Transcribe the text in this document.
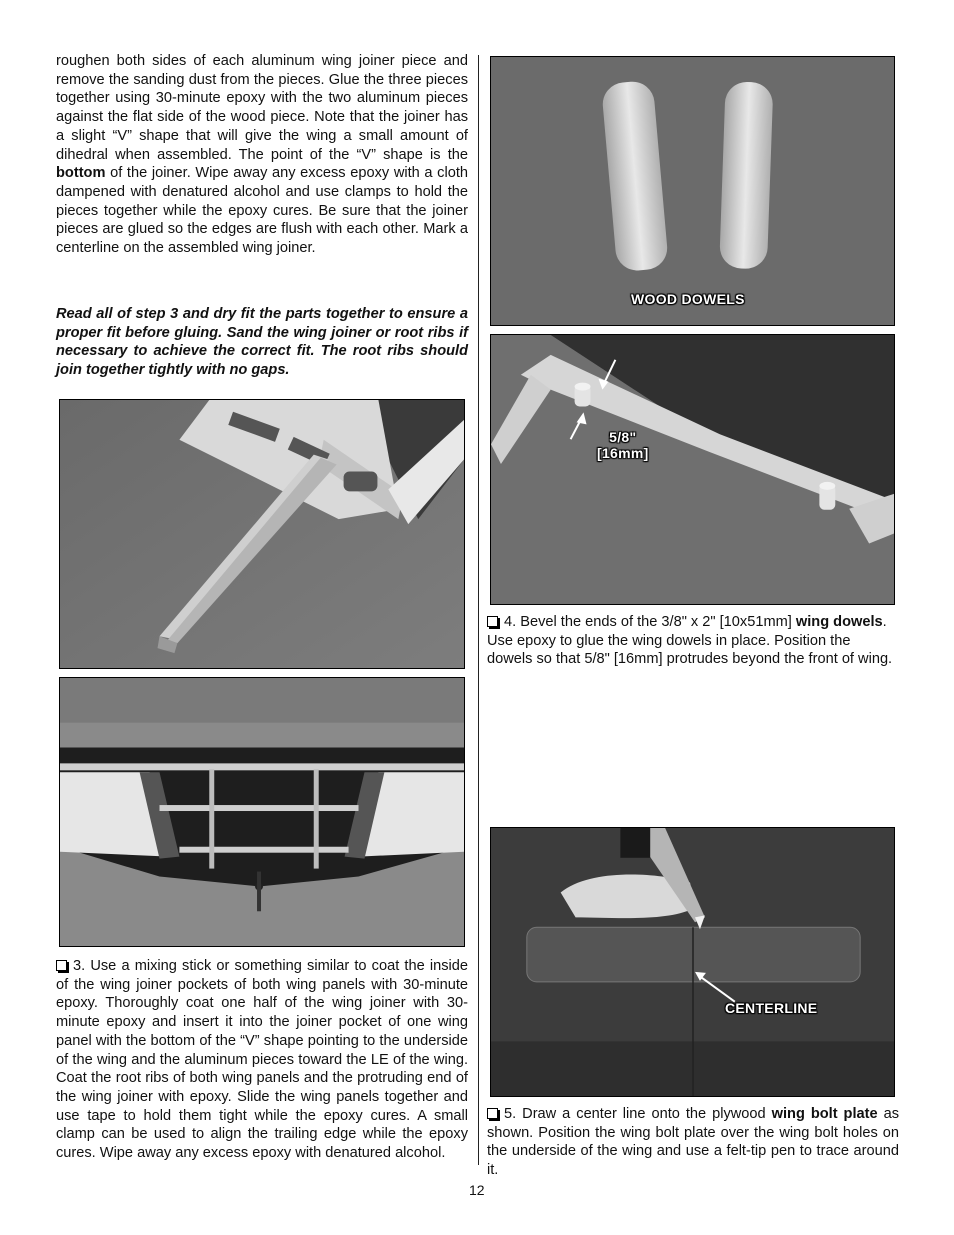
roughen both sides of each aluminum wing joiner piece and remove the sanding dust from the pieces. Glue the three pieces together using 30-minute epoxy with the two aluminum pieces against the flat side of the wood piece. Note that the joiner has a slight “V” shape that will give the wing a small amount of dihedral when assembled. The point of the “V” shape is the bottom of the joiner. Wipe away any excess epoxy with a cloth dampened with denatured alcohol and use clamps to hold the pieces together while the epoxy cures. Be sure that the joiner pieces are glued so the edges are flush with each other. Mark a centerline on the assembled wing joiner.

Read all of step 3 and dry fit the parts together to ensure a proper fit before gluing. Sand the wing joiner or root ribs if necessary to achieve the correct fit. The root ribs should join together tightly with no gaps.

3. Use a mixing stick or something similar to coat the inside of the wing joiner pockets of both wing panels with 30-minute epoxy. Thoroughly coat one half of the wing joiner with 30-minute epoxy and insert it into the joiner pocket of one wing panel with the bottom of the “V” shape pointing to the underside of the wing and the aluminum pieces toward the LE of the wing. Coat the root ribs of both wing panels and the protruding end of the wing joiner with epoxy. Slide the wing panels together and use tape to hold them tight while the epoxy cures. A small clamp can be used to align the trailing edge while the epoxy cures. Wipe away any excess epoxy with denatured alcohol.

WOOD DOWELS
5/8"
[16mm]

4. Bevel the ends of the 3/8" x 2" [10x51mm] wing dowels. Use epoxy to glue the wing dowels in place. Position the dowels so that 5/8" [16mm] protrudes beyond the front of wing.

CENTERLINE

5. Draw a center line onto the plywood wing bolt plate as shown. Position the wing bolt plate over the wing bolt holes on the underside of the wing and use a felt-tip pen to trace around it.

12
